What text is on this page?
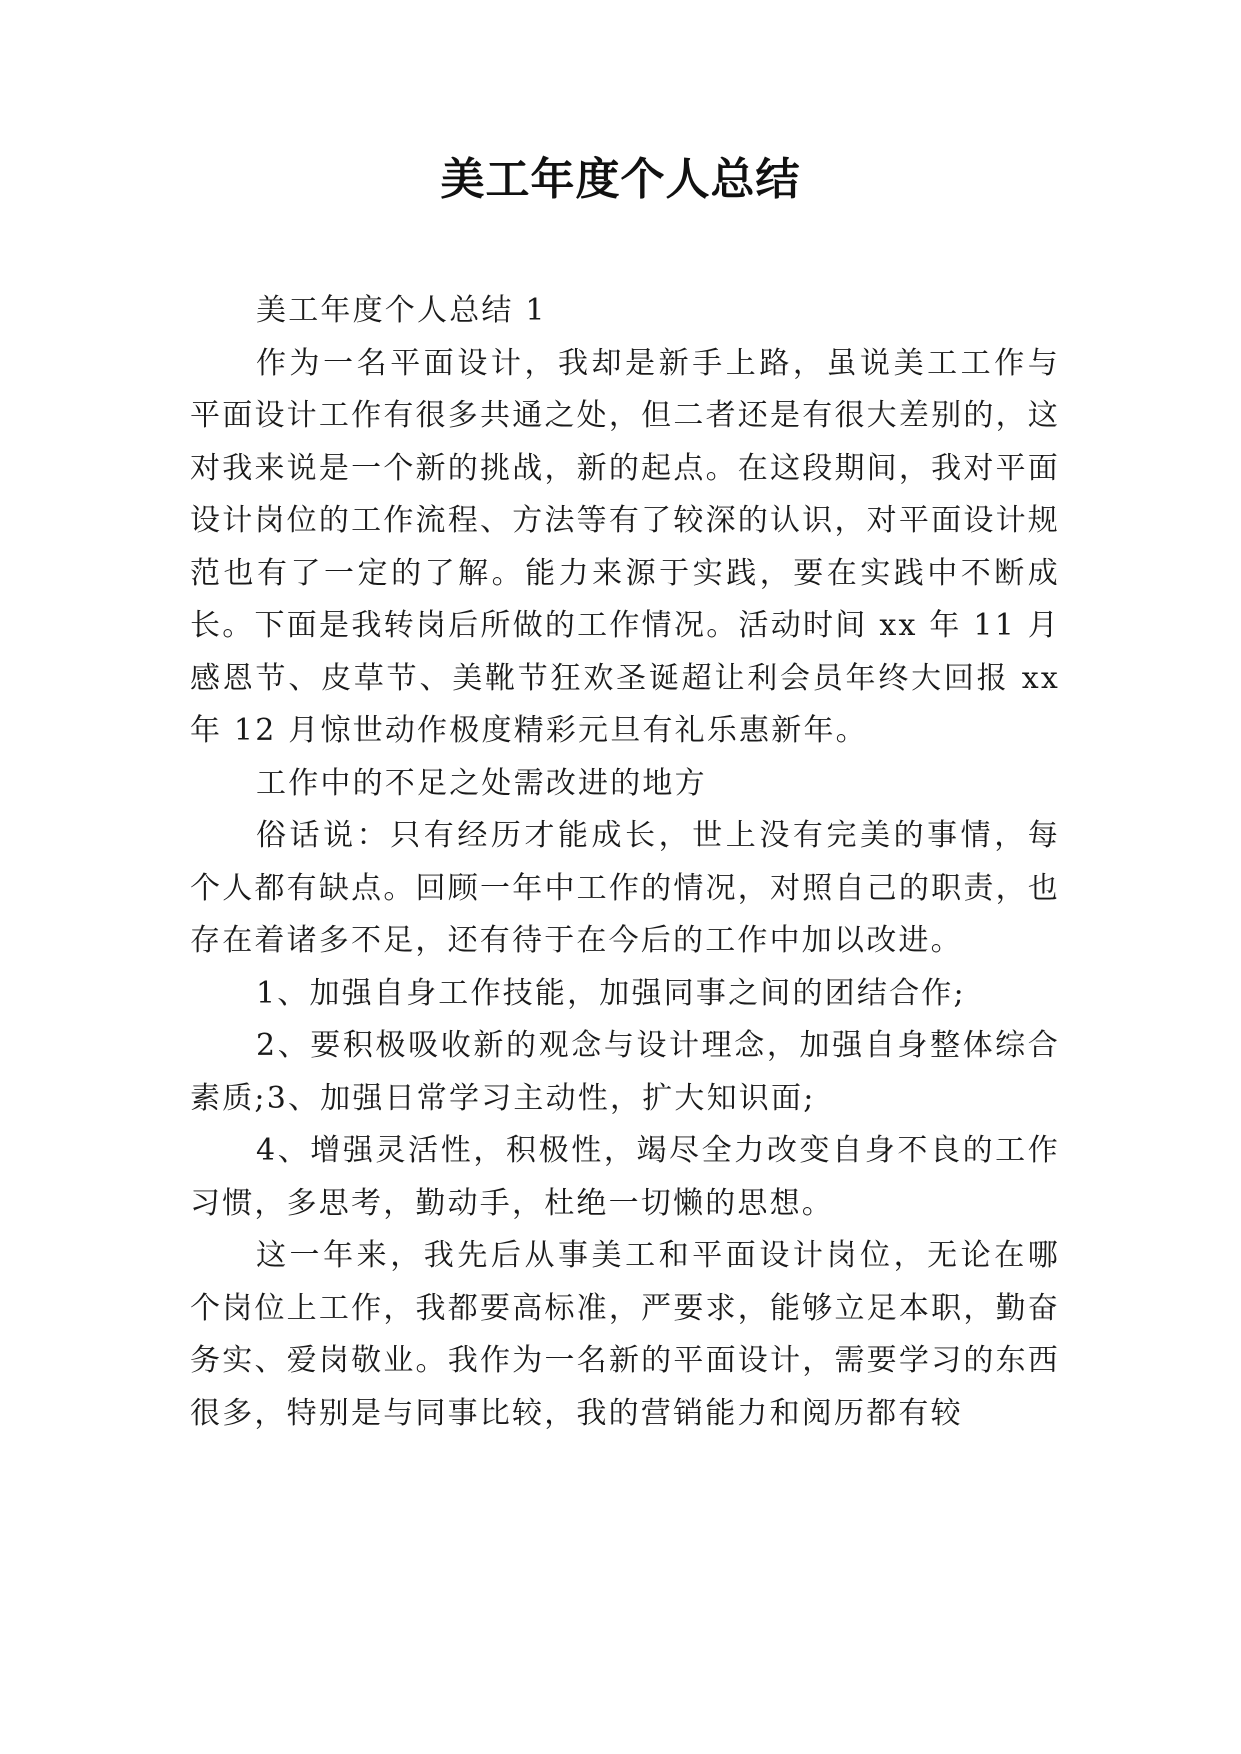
美工年度个人总结

美工年度个人总结 1

作为一名平面设计，我却是新手上路，虽说美工工作与平面设计工作有很多共通之处，但二者还是有很大差别的，这对我来说是一个新的挑战，新的起点。在这段期间，我对平面设计岗位的工作流程、方法等有了较深的认识，对平面设计规范也有了一定的了解。能力来源于实践，要在实践中不断成长。下面是我转岗后所做的工作情况。活动时间 xx 年 11 月感恩节、皮草节、美靴节狂欢圣诞超让利会员年终大回报 xx 年 12 月惊世动作极度精彩元旦有礼乐惠新年。

工作中的不足之处需改进的地方

俗话说：只有经历才能成长，世上没有完美的事情，每个人都有缺点。回顾一年中工作的情况，对照自己的职责，也存在着诸多不足，还有待于在今后的工作中加以改进。

1、加强自身工作技能，加强同事之间的团结合作;

2、要积极吸收新的观念与设计理念，加强自身整体综合素质;3、加强日常学习主动性，扩大知识面;

4、增强灵活性，积极性，竭尽全力改变自身不良的工作习惯，多思考，勤动手，杜绝一切懒的思想。

这一年来，我先后从事美工和平面设计岗位，无论在哪个岗位上工作，我都要高标准，严要求，能够立足本职，勤奋务实、爱岗敬业。我作为一名新的平面设计，需要学习的东西很多，特别是与同事比较，我的营销能力和阅历都有较
